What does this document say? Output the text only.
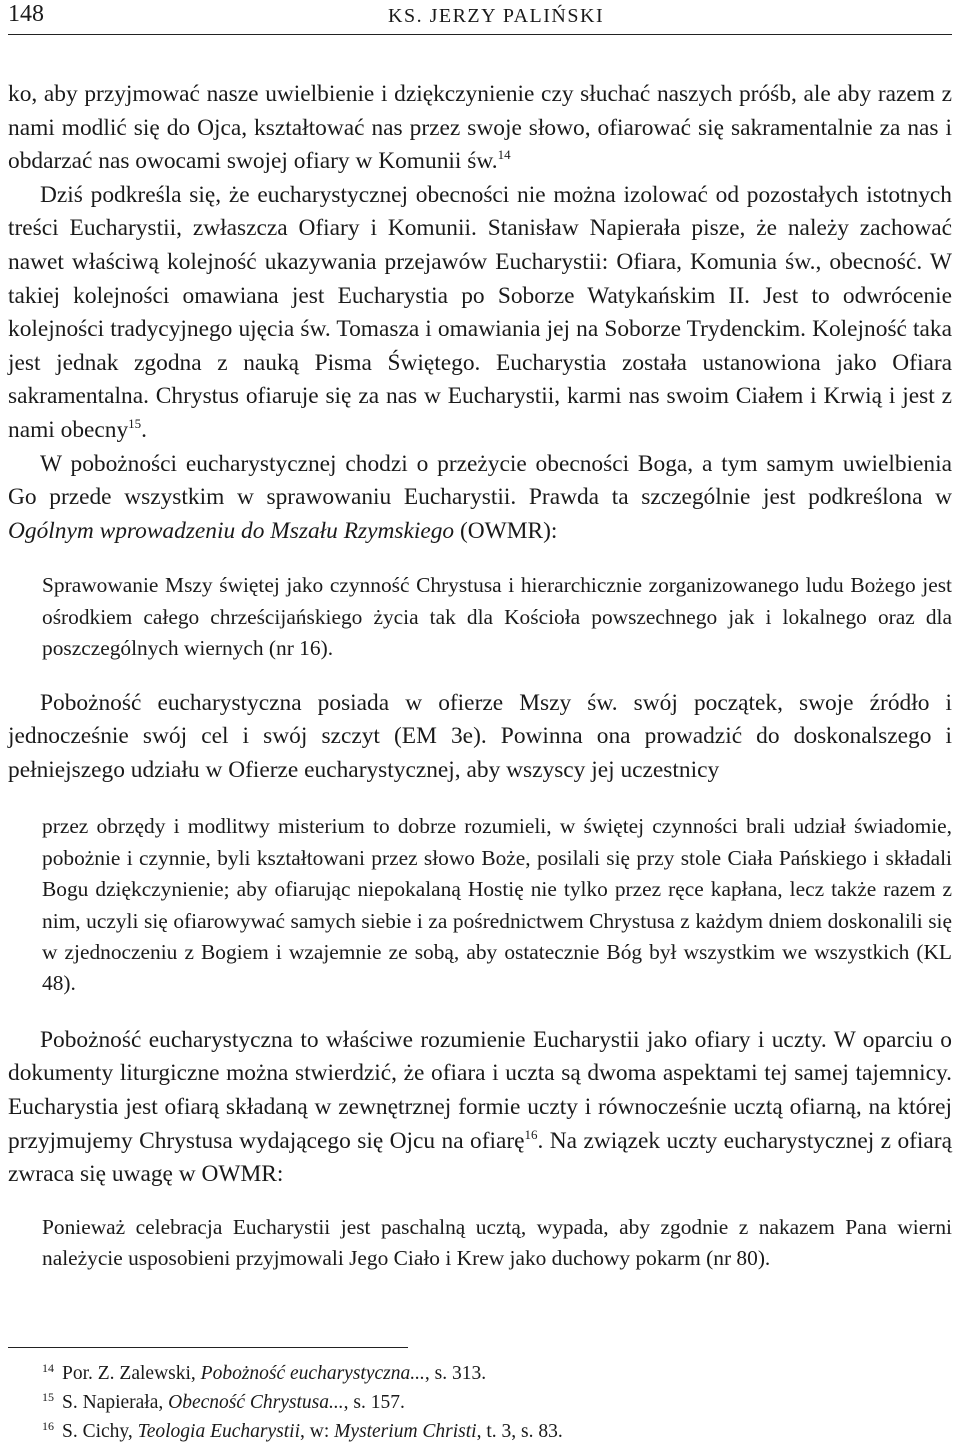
148	KS. JERZY PALIŃSKI

ko, aby przyjmować nasze uwielbienie i dziękczynienie czy słuchać naszych próśb, ale aby razem z nami modlić się do Ojca, kształtować nas przez swoje słowo, ofiarować się sakramentalnie za nas i obdarzać nas owocami swojej ofiary w Komunii św.$^{14}$

Dziś podkreśla się, że eucharystycznej obecności nie można izolować od pozostałych istotnych treści Eucharystii, zwłaszcza Ofiary i Komunii. Stanisław Napierała pisze, że należy zachować nawet właściwą kolejność ukazywania przejawów Eucharystii: Ofiara, Komunia św., obecność. W takiej kolejności omawiana jest Eucharystia po Soborze Watykańskim II. Jest to odwrócenie kolejności tradycyjnego ujęcia św. Tomasza i omawiania jej na Soborze Trydenckim. Kolejność taka jest jednak zgodna z nauką Pisma Świętego. Eucharystia została ustanowiona jako Ofiara sakramentalna. Chrystus ofiaruje się za nas w Eucharystii, karmi nas swoim Ciałem i Krwią i jest z nami obecny$^{15}$.

W pobożności eucharystycznej chodzi o przeżycie obecności Boga, a tym samym uwielbienia Go przede wszystkim w sprawowaniu Eucharystii. Prawda ta szczególnie jest podkreślona w Ogólnym wprowadzeniu do Mszału Rzymskiego (OWMR):

Sprawowanie Mszy świętej jako czynność Chrystusa i hierarchicznie zorganizowanego ludu Bożego jest ośrodkiem całego chrześcijańskiego życia tak dla Kościoła powszechnego jak i lokalnego oraz dla poszczególnych wiernych (nr 16).

Pobożność eucharystyczna posiada w ofierze Mszy św. swój początek, swoje źródło i jednocześnie swój cel i swój szczyt (EM 3e). Powinna ona prowadzić do doskonalszego i pełniejszego udziału w Ofierze eucharystycznej, aby wszyscy jej uczestnicy

przez obrzędy i modlitwy misterium to dobrze rozumieli, w świętej czynności brali udział świadomie, pobożnie i czynnie, byli kształtowani przez słowo Boże, posilali się przy stole Ciała Pańskiego i składali Bogu dziękczynienie; aby ofiarując niepokalaną Hostię nie tylko przez ręce kapłana, lecz także razem z nim, uczyli się ofiarowywać samych siebie i za pośrednictwem Chrystusa z każdym dniem doskonalili się w zjednoczeniu z Bogiem i wzajemnie ze sobą, aby ostatecznie Bóg był wszystkim we wszystkich (KL 48).

Pobożność eucharystyczna to właściwe rozumienie Eucharystii jako ofiary i uczty. W oparciu o dokumenty liturgiczne można stwierdzić, że ofiara i uczta są dwoma aspektami tej samej tajemnicy. Eucharystia jest ofiarą składaną w zewnętrznej formie uczty i równocześnie ucztą ofiarną, na której przyjmujemy Chrystusa wydającego się Ojcu na ofiarę$^{16}$. Na związek uczty eucharystycznej z ofiarą zwraca się uwagę w OWMR:

Ponieważ celebracja Eucharystii jest paschalną ucztą, wypada, aby zgodnie z nakazem Pana wierni należycie usposobieni przyjmowali Jego Ciało i Krew jako duchowy pokarm (nr 80).

$^{14}$ Por. Z. Zalewski, Pobożność eucharystyczna..., s. 313.

$^{15}$ S. Napierała, Obecność Chrystusa..., s. 157.

$^{16}$ S. Cichy, Teologia Eucharystii, w: Mysterium Christi, t. 3, s. 83.
